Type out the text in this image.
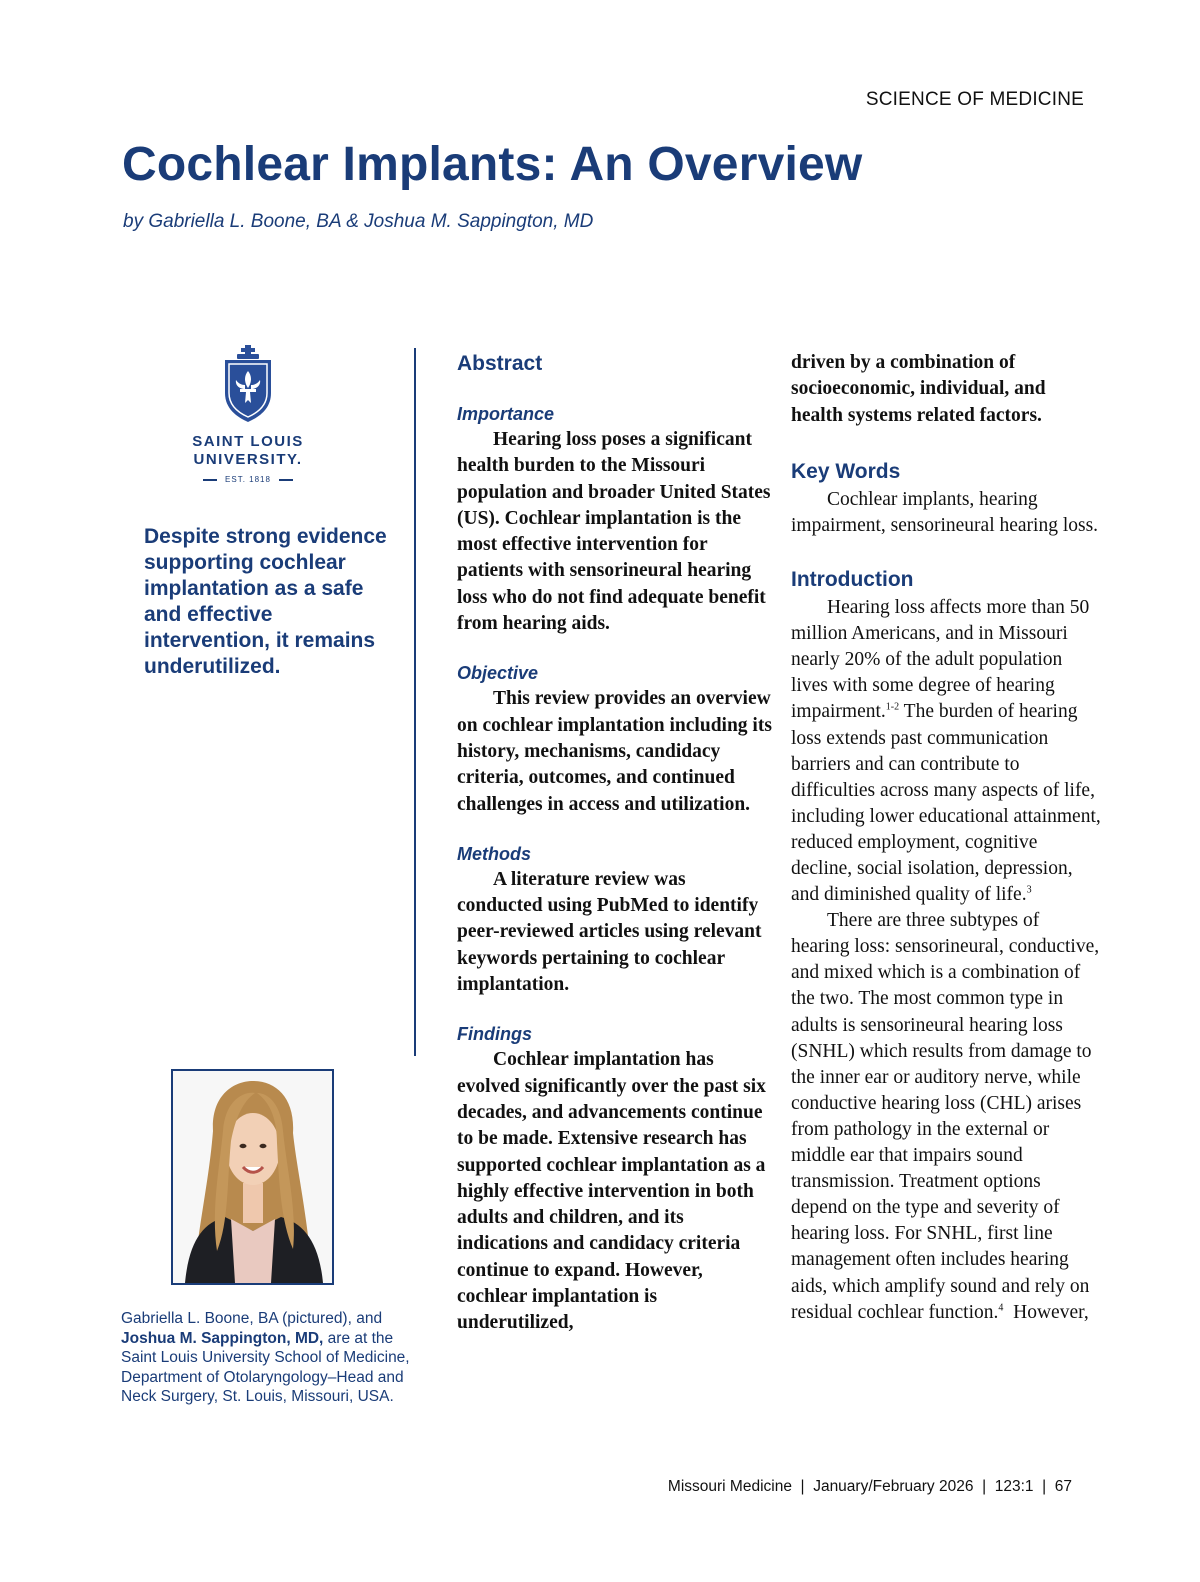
SCIENCE OF MEDICINE
Cochlear Implants: An Overview
by Gabriella L. Boone, BA & Joshua M. Sappington, MD
SAINT LOUIS
UNIVERSITY.
EST. 1818

Despite strong evidence supporting cochlear implantation as a safe and effective intervention, it remains underutilized.

Gabriella L. Boone, BA (pictured), and Joshua M. Sappington, MD, are at the Saint Louis University School of Medicine, Department of Otolaryngology–Head and Neck Surgery, St. Louis, Missouri, USA.

Abstract
Importance

Hearing loss poses a significant health burden to the Missouri population and broader United States (US). Cochlear implantation is the most effective intervention for patients with sensorineural hearing loss who do not find adequate benefit from hearing aids.

Objective

This review provides an overview on cochlear implantation including its history, mechanisms, candidacy criteria, outcomes, and continued challenges in access and utilization.

Methods

A literature review was conducted using PubMed to identify peer-reviewed articles using relevant keywords pertaining to cochlear implantation.

Findings

Cochlear implantation has evolved significantly over the past six decades, and advancements continue to be made. Extensive research has supported cochlear implantation as a highly effective intervention in both adults and children, and its indications and candidacy criteria continue to expand. However, cochlear implantation is underutilized,

driven by a combination of socioeconomic, individual, and health systems related factors.

Key Words

Cochlear implants, hearing impairment, sensorineural hearing loss.

Introduction

Hearing loss affects more than 50 million Americans, and in Missouri nearly 20% of the adult population lives with some degree of hearing impairment.$^{1-2}$ The burden of hearing loss extends past communication barriers and can contribute to difficulties across many aspects of life, including lower educational attainment, reduced employment, cognitive decline, social isolation, depression, and diminished quality of life.$^3$

There are three subtypes of hearing loss: sensorineural, conductive, and mixed which is a combination of the two. The most common type in adults is sensorineural hearing loss (SNHL) which results from damage to the inner ear or auditory nerve, while conductive hearing loss (CHL) arises from pathology in the external or middle ear that impairs sound transmission. Treatment options depend on the type and severity of hearing loss. For SNHL, first line management often includes hearing aids, which amplify sound and rely on residual cochlear function.$^4$  However,

Missouri Medicine  |  January/February 2026  |  123:1  |  67
